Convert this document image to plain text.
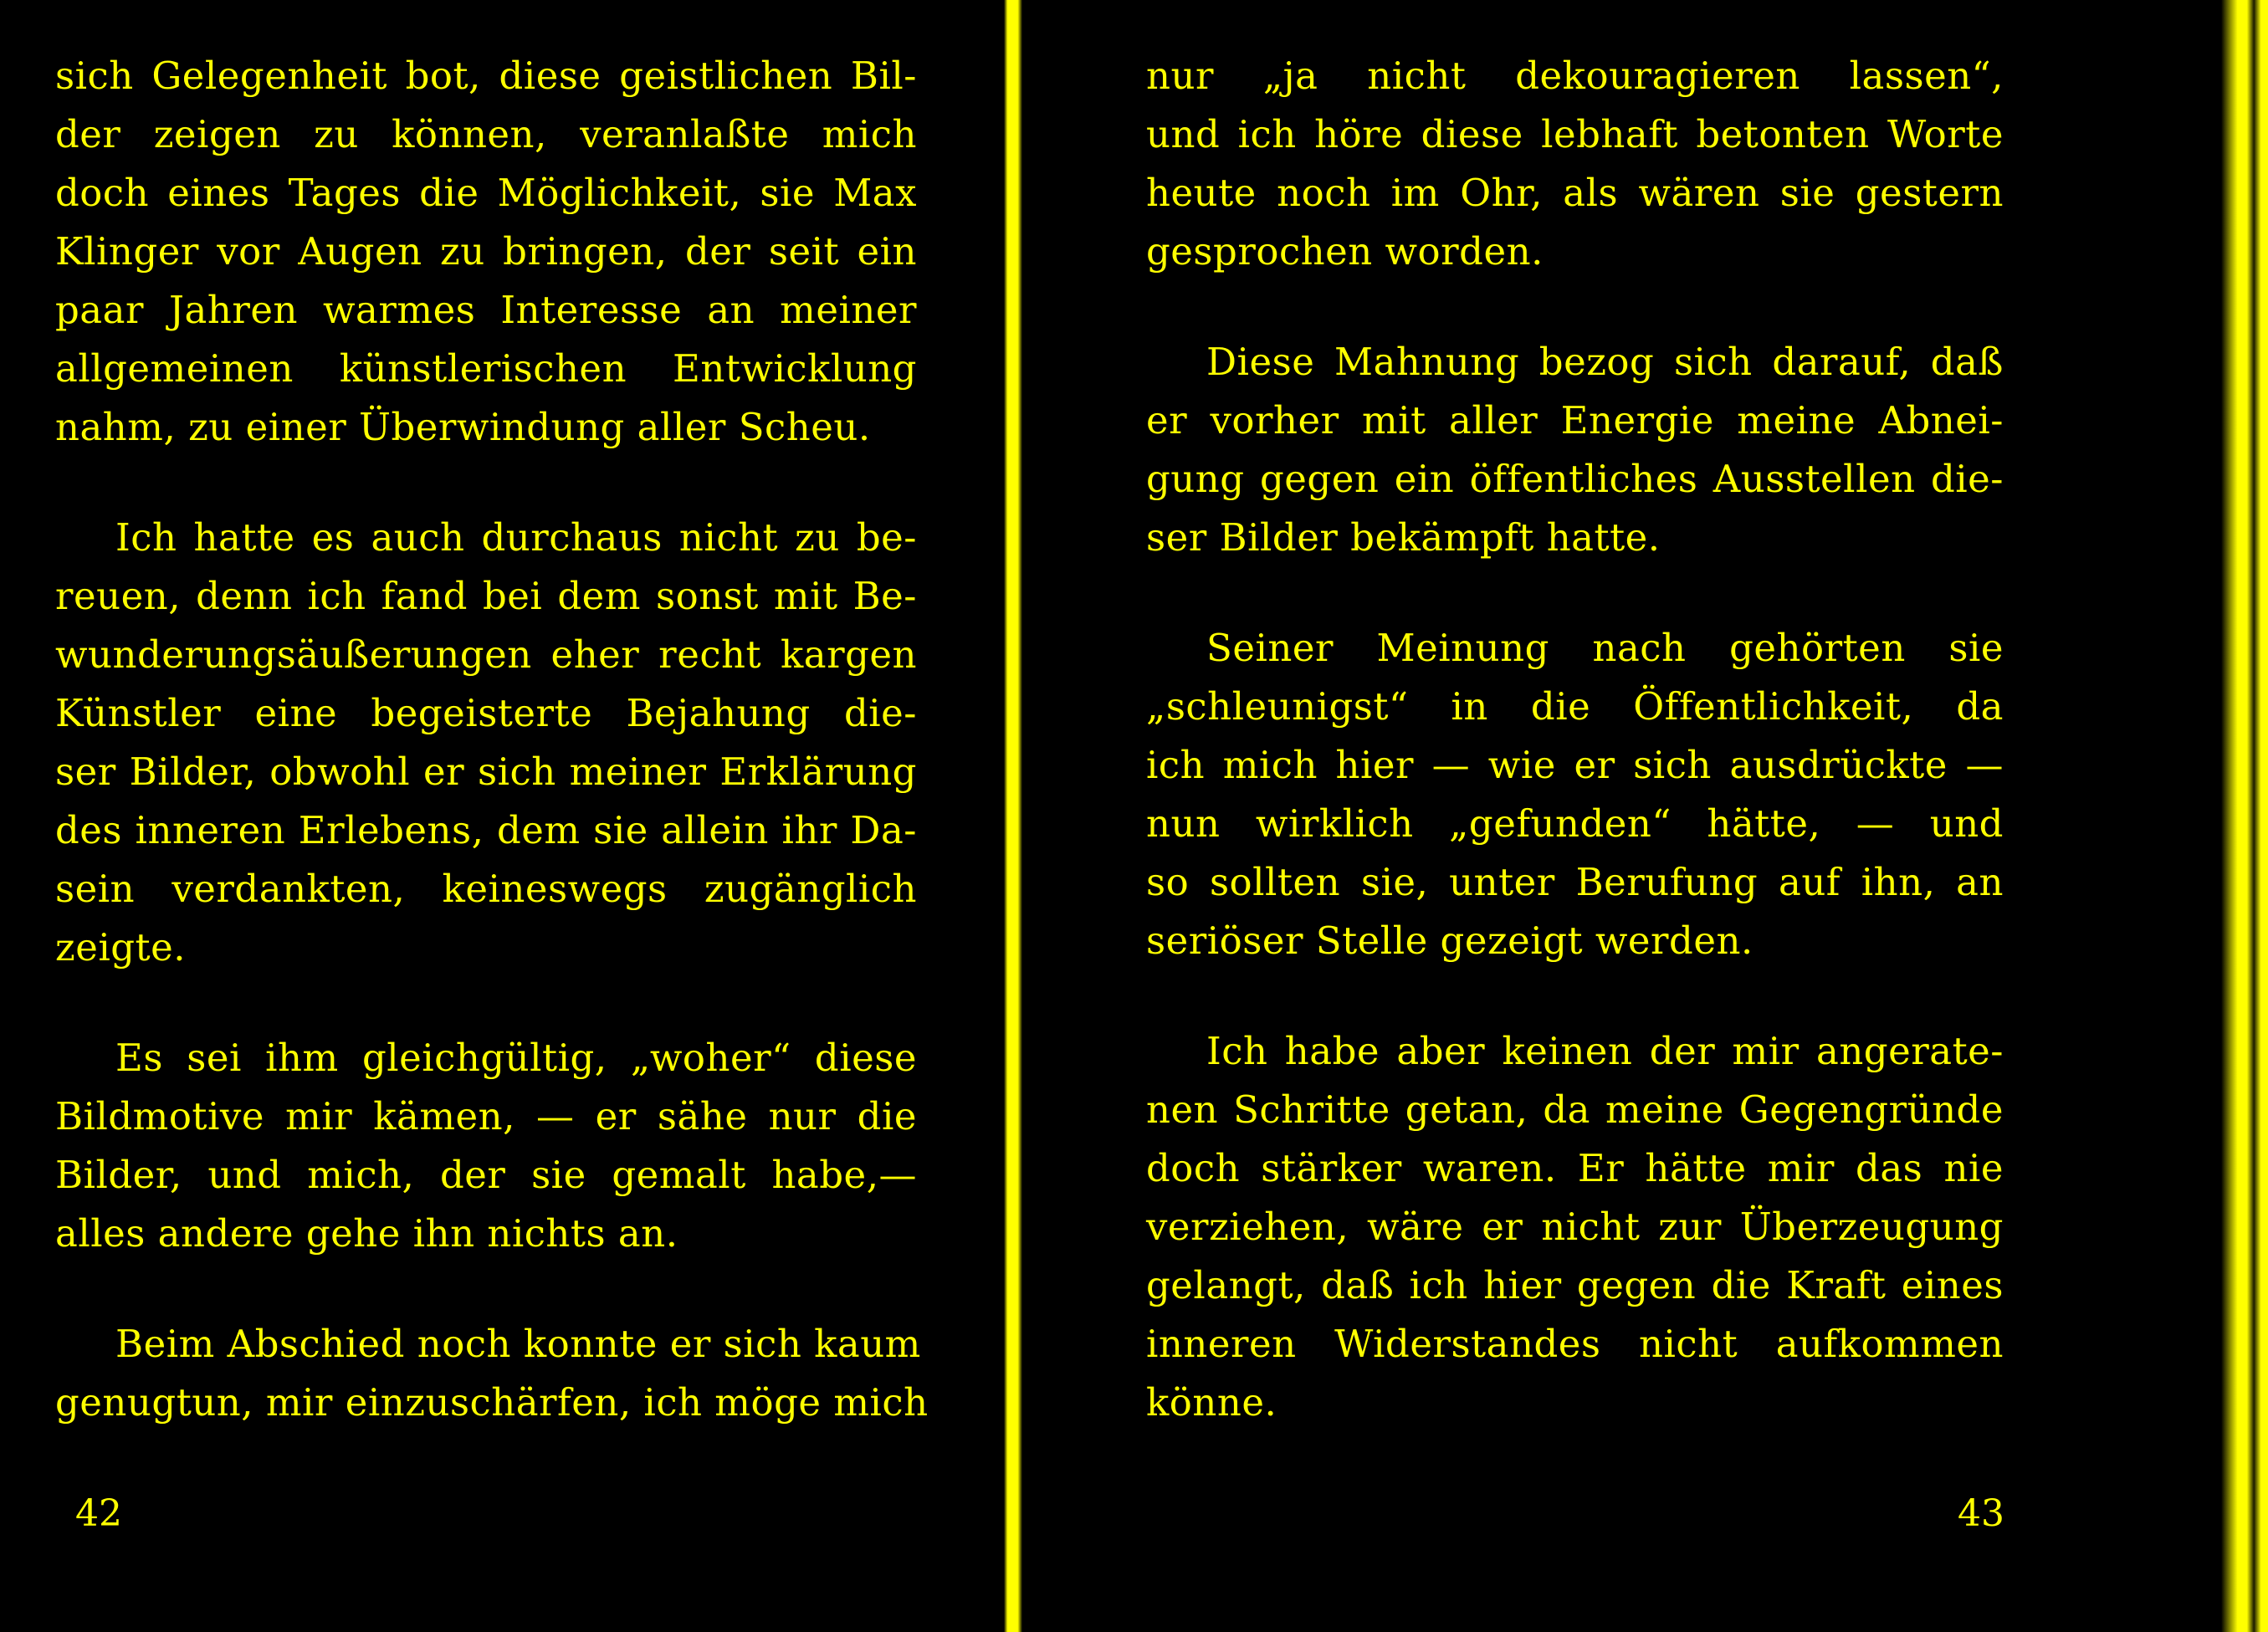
sich Gelegenheit bot, diese geistlichen Bil-
der zeigen zu können, veranlaßte mich
doch eines Tages die Möglichkeit, sie Max
Klinger vor Augen zu bringen, der seit ein
paar Jahren warmes Interesse an meiner
allgemeinen künstlerischen Entwicklung
nahm, zu einer Überwindung aller Scheu.
Ich hatte es auch durchaus nicht zu be-
reuen, denn ich fand bei dem sonst mit Be-
wunderungsäußerungen eher recht kargen
Künstler eine begeisterte Bejahung die-
ser Bilder, obwohl er sich meiner Erklärung
des inneren Erlebens, dem sie allein ihr Da-
sein verdankten, keineswegs zugänglich
zeigte.
Es sei ihm gleichgültig, „woher“ diese
Bildmotive mir kämen, — er sähe nur die
Bilder, und mich, der sie gemalt habe,—
alles andere gehe ihn nichts an.
Beim Abschied noch konnte er sich kaum
genugtun, mir einzuschärfen, ich möge mich
42
nur „ja nicht dekouragieren lassen“,
und ich höre diese lebhaft betonten Worte
heute noch im Ohr, als wären sie gestern
gesprochen worden.
Diese Mahnung bezog sich darauf, daß
er vorher mit aller Energie meine Abnei-
gung gegen ein öffentliches Ausstellen die-
ser Bilder bekämpft hatte.
Seiner Meinung nach gehörten sie
„schleunigst“ in die Öffentlichkeit, da
ich mich hier — wie er sich ausdrückte —
nun wirklich „gefunden“ hätte, — und
so sollten sie, unter Berufung auf ihn, an
seriöser Stelle gezeigt werden.
Ich habe aber keinen der mir angerate-
nen Schritte getan, da meine Gegengründe
doch stärker waren. Er hätte mir das nie
verziehen, wäre er nicht zur Überzeugung
gelangt, daß ich hier gegen die Kraft eines
inneren Widerstandes nicht aufkommen
könne.
43
